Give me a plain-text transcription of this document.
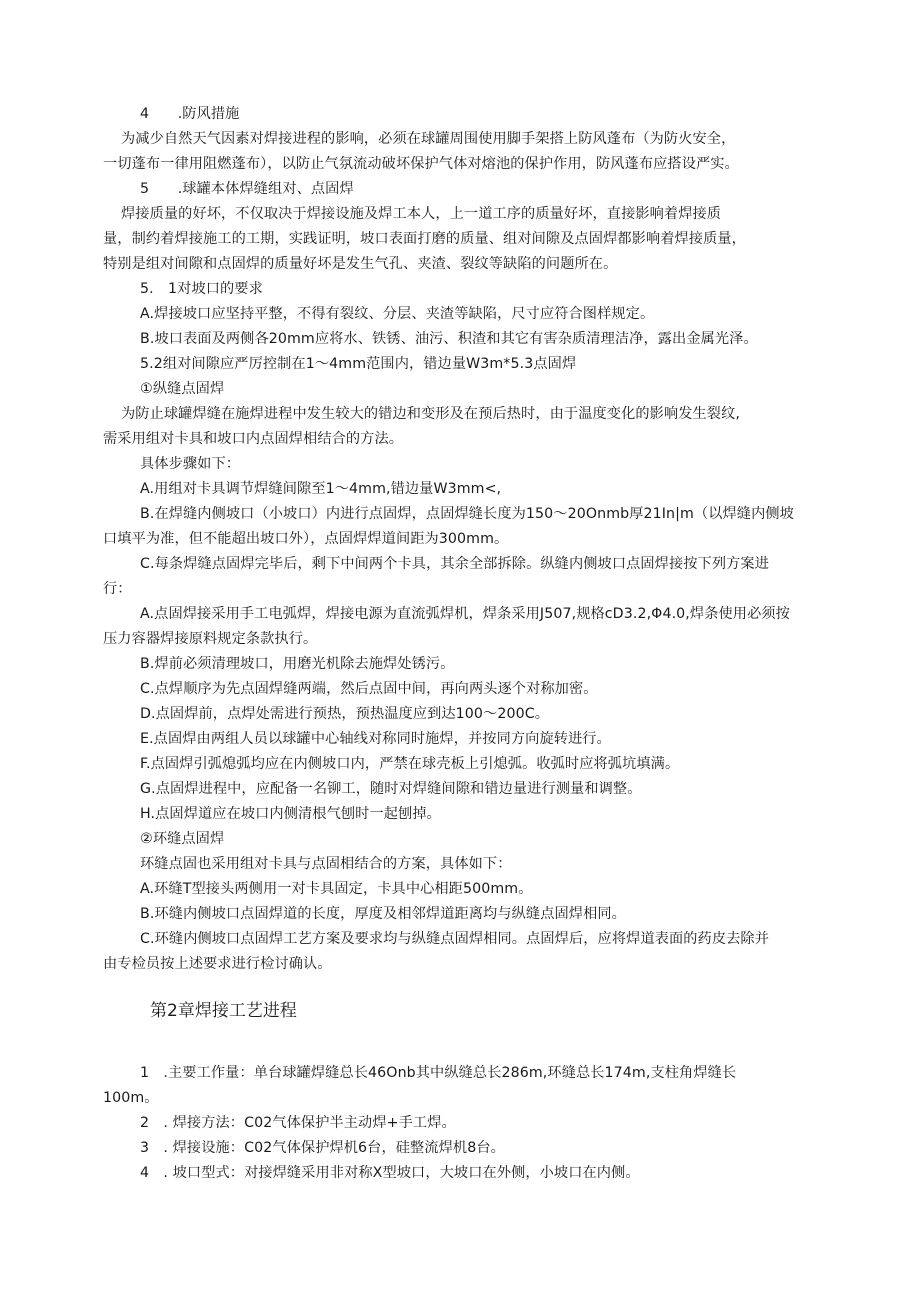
4　　.防风措施
为减少自然天气因素对焊接进程的影响，必须在球罐周围使用脚手架搭上防风蓬布（为防火安全，
一切蓬布一律用阻燃蓬布），以防止气氛流动破坏保护气体对熔池的保护作用，防风蓬布应搭设严实。
5　　.球罐本体焊缝组对、点固焊
焊接质量的好坏，不仅取决于焊接设施及焊工本人，上一道工序的质量好坏，直接影响着焊接质
量，制约着焊接施工的工期，实践证明，坡口表面打磨的质量、组对间隙及点固焊都影响着焊接质量，
特别是组对间隙和点固焊的质量好坏是发生气孔、夹渣、裂纹等缺陷的问题所在。
5.　1对坡口的要求
A.焊接坡口应坚持平整，不得有裂纹、分层、夹渣等缺陷，尺寸应符合图样规定。
B.坡口表面及两侧各20mm应将水、铁锈、油污、积渣和其它有害杂质清理洁净，露出金属光泽。
5.2组对间隙应严厉控制在1〜4mm范围内，错边量W3m*5.3点固焊
①纵缝点固焊
为防止球罐焊缝在施焊进程中发生较大的错边和变形及在预后热时，由于温度变化的影响发生裂纹,
需采用组对卡具和坡口内点固焊相结合的方法。
具体步骤如下：
A.用组对卡具调节焊缝间隙至1〜4mm,错边量W3mm<,
B.在焊缝内侧坡口（小坡口）内进行点固焊，点固焊缝长度为150〜20Onmb厚21In|m（以焊缝内侧坡
口填平为准，但不能超出坡口外），点固焊焊道间距为300mm。
C.每条焊缝点固焊完毕后，剩下中间两个卡具，其余全部拆除。纵缝内侧坡口点固焊接按下列方案进
行：
A.点固焊接采用手工电弧焊，焊接电源为直流弧焊机，焊条采用J507,规格cD3.2,Φ4.0,焊条使用必须按
压力容器焊接原料规定条款执行。
B.焊前必须清理坡口，用磨光机除去施焊处锈污。
C.点焊顺序为先点固焊缝两端，然后点固中间，再向两头逐个对称加密。
D.点固焊前，点焊处需进行预热，预热温度应到达100〜200C。
E.点固焊由两组人员以球罐中心轴线对称同时施焊，并按同方向旋转进行。
F.点固焊引弧熄弧均应在内侧坡口内，严禁在球壳板上引熄弧。收弧时应将弧坑填满。
G.点固焊进程中，应配备一名铆工，随时对焊缝间隙和错边量进行测量和调整。
H.点固焊道应在坡口内侧清根气刨时一起刨掉。
②环缝点固焊
环缝点固也采用组对卡具与点固相结合的方案，具体如下：
A.环缝T型接头两侧用一对卡具固定，卡具中心相距500mm。
B.环缝内侧坡口点固焊道的长度，厚度及相邻焊道距离均与纵缝点固焊相同。
C.环缝内侧坡口点固焊工艺方案及要求均与纵缝点固焊相同。点固焊后，应将焊道表面的药皮去除并
由专检员按上述要求进行检讨确认。
第2章焊接工艺进程
1　.主要工作量：单台球罐焊缝总长46Onb其中纵缝总长286m,环缝总长174m,支柱角焊缝长
100m。
2　. 焊接方法：C02气体保护半主动焊+手工焊。
3　. 焊接设施：C02气体保护焊机6台，硅整流焊机8台。
4　. 坡口型式：对接焊缝采用非对称X型坡口，大坡口在外侧，小坡口在内侧。
